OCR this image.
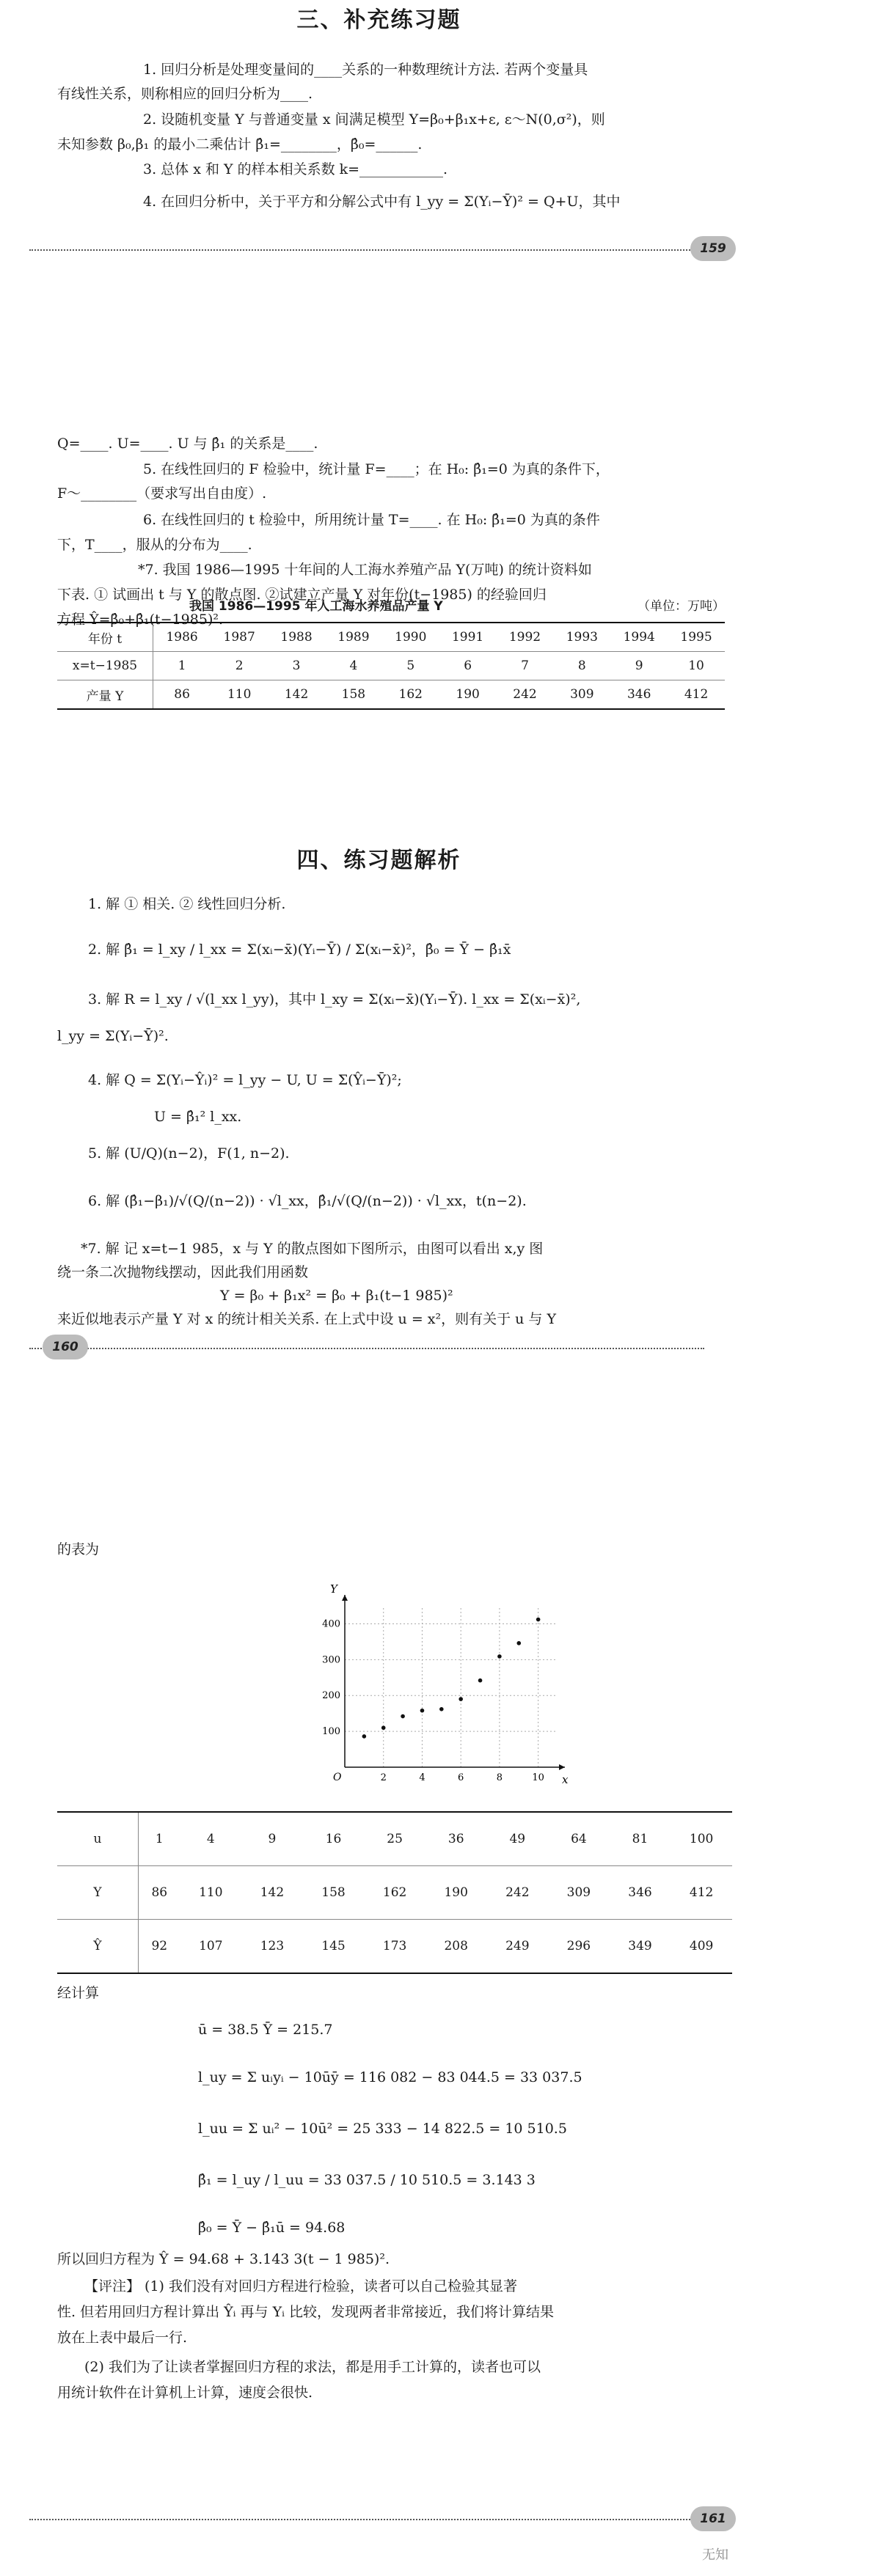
三、补充练习题
1. 回归分析是处理变量间的____关系的一种数理统计方法. 若两个变量具
有线性关系，则称相应的回归分析为____.
2. 设随机变量 Y 与普通变量 x 间满足模型 Y=β₀+β₁x+ε, ε～N(0,σ²)，则
未知参数 β₀,β₁ 的最小二乘估计 β̂₁=________，β̂₀=______.
3. 总体 x 和 Y 的样本相关系数 k=____________.
4. 在回归分析中，关于平方和分解公式中有 l_yy = Σ(Yᵢ−Ȳ)² = Q+U，其中
159
Q=____. U=____. U 与 β̂₁ 的关系是____.
5. 在线性回归的 F 检验中，统计量 F=____；在 H₀: β̂₁=0 为真的条件下，
F～________（要求写出自由度）.
6. 在线性回归的 t 检验中，所用统计量 T=____. 在 H₀: β̂₁=0 为真的条件
下，T____，服从的分布为____.
*7. 我国 1986—1995 十年间的人工海水养殖产品 Y(万吨) 的统计资料如
下表. ① 试画出 t 与 Y 的散点图. ②试建立产量 Y 对年份(t−1985) 的经验回归
方程 Ŷ=β̂₀+β̂₁(t−1985)².
我国 1986—1995 年人工海水养殖品产量 Y	（单位：万吨）
年份 t	1986	1987	1988	1989	1990	1991	1992	1993	1994	1995
x=t−1985	1	2	3	4	5	6	7	8	9	10
产量 Y	86	110	142	158	162	190	242	309	346	412
四、练习题解析
1. 解 ① 相关. ② 线性回归分析.
2. 解 β̂₁ = l_xy / l_xx = Σ(xᵢ−x̄)(Yᵢ−Ȳ) / Σ(xᵢ−x̄)²，β̂₀ = Ȳ − β̂₁x̄
3. 解 R = l_xy / √(l_xx l_yy)，其中 l_xy = Σ(xᵢ−x̄)(Yᵢ−Ȳ). l_xx = Σ(xᵢ−x̄)²,
l_yy = Σ(Yᵢ−Ȳ)².
4. 解 Q = Σ(Yᵢ−Ŷᵢ)² = l_yy − U, U = Σ(Ŷᵢ−Ȳ)²;
U = β̂₁² l_xx.
5. 解 (U/Q)(n−2)，F(1, n−2).
6. 解 (β̂₁−β₁)/√(Q/(n−2)) · √l_xx，β̂₁/√(Q/(n−2)) · √l_xx，t(n−2).
*7. 解 记 x=t−1 985，x 与 Y 的散点图如下图所示，由图可以看出 x,y 图
绕一条二次抛物线摆动，因此我们用函数
Y = β₀ + β₁x² = β₀ + β₁(t−1 985)²
来近似地表示产量 Y 对 x 的统计相关关系. 在上式中设 u = x²，则有关于 u 与 Y
160
的表为
x
Y
O	2	4	6	8	10
100
200
300
400
u	1	4	9	16	25	36	49	64	81	100
Y	86	110	142	158	162	190	242	309	346	412
Ŷ	92	107	123	145	173	208	249	296	349	409
经计算
ū = 38.5 Ȳ = 215.7
l_uy = Σ uᵢyᵢ − 10ūȳ = 116 082 − 83 044.5 = 33 037.5
l_uu = Σ uᵢ² − 10ū² = 25 333 − 14 822.5 = 10 510.5
β̂₁ = l_uy / l_uu = 33 037.5 / 10 510.5 = 3.143 3
β̂₀ = Ȳ − β̂₁ū = 94.68
所以回归方程为 Ŷ = 94.68 + 3.143 3(t − 1 985)².
【评注】 (1) 我们没有对回归方程进行检验，读者可以自己检验其显著
性. 但若用回归方程计算出 Ŷᵢ 再与 Yᵢ 比较，发现两者非常接近，我们将计算结果
放在上表中最后一行.
(2) 我们为了让读者掌握回归方程的求法，都是用手工计算的，读者也可以
用统计软件在计算机上计算，速度会很快.
161
无知
